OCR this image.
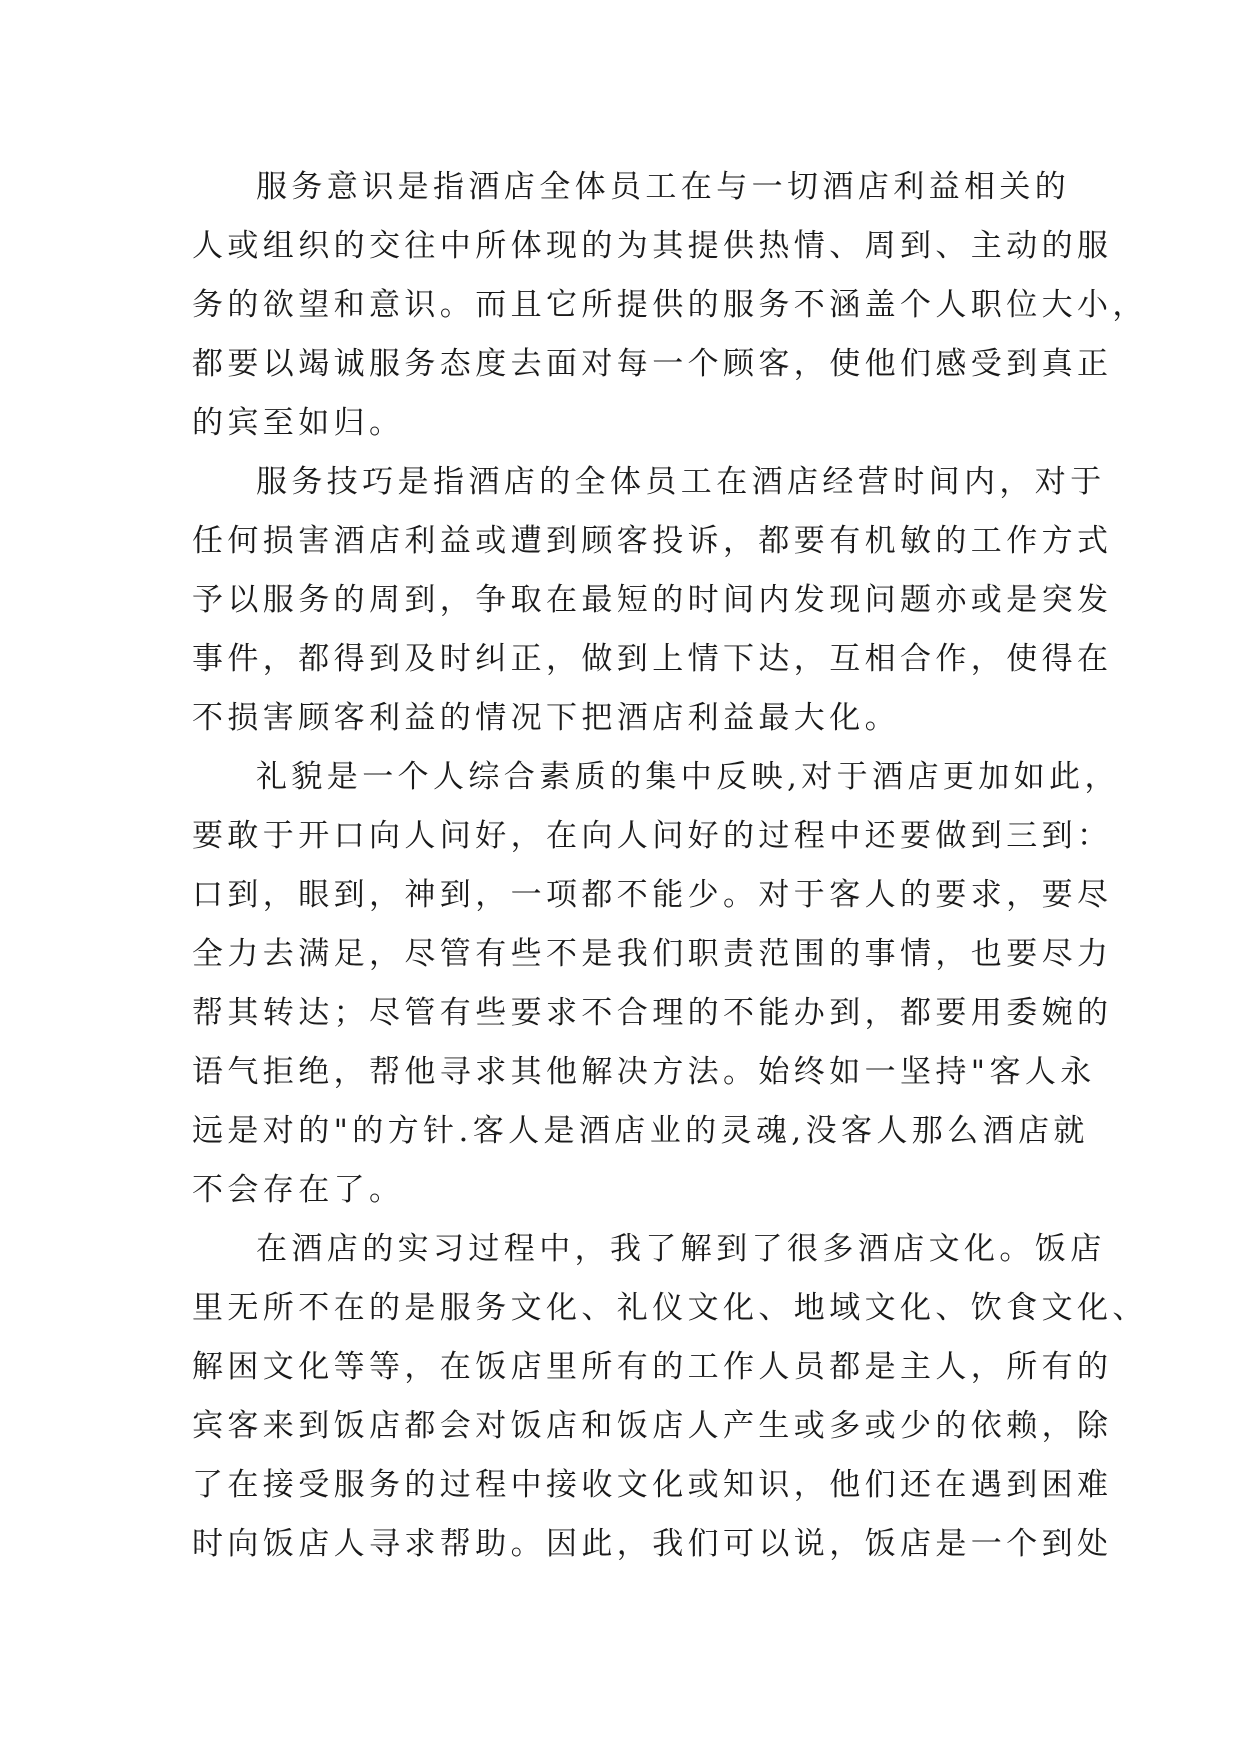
服务意识是指酒店全体员工在与一切酒店利益相关的
人或组织的交往中所体现的为其提供热情、周到、主动的服
务的欲望和意识。而且它所提供的服务不涵盖个人职位大小，
都要以竭诚服务态度去面对每一个顾客，使他们感受到真正
的宾至如归。
服务技巧是指酒店的全体员工在酒店经营时间内，对于
任何损害酒店利益或遭到顾客投诉，都要有机敏的工作方式
予以服务的周到，争取在最短的时间内发现问题亦或是突发
事件，都得到及时纠正，做到上情下达，互相合作，使得在
不损害顾客利益的情况下把酒店利益最大化。
礼貌是一个人综合素质的集中反映,对于酒店更加如此，
要敢于开口向人问好，在向人问好的过程中还要做到三到：
口到，眼到，神到，一项都不能少。对于客人的要求，要尽
全力去满足，尽管有些不是我们职责范围的事情，也要尽力
帮其转达；尽管有些要求不合理的不能办到，都要用委婉的
语气拒绝，帮他寻求其他解决方法。始终如一坚持"客人永
远是对的"的方针.客人是酒店业的灵魂,没客人那么酒店就
不会存在了。
在酒店的实习过程中，我了解到了很多酒店文化。饭店
里无所不在的是服务文化、礼仪文化、地域文化、饮食文化、
解困文化等等，在饭店里所有的工作人员都是主人，所有的
宾客来到饭店都会对饭店和饭店人产生或多或少的依赖，除
了在接受服务的过程中接收文化或知识，他们还在遇到困难
时向饭店人寻求帮助。因此，我们可以说，饭店是一个到处
